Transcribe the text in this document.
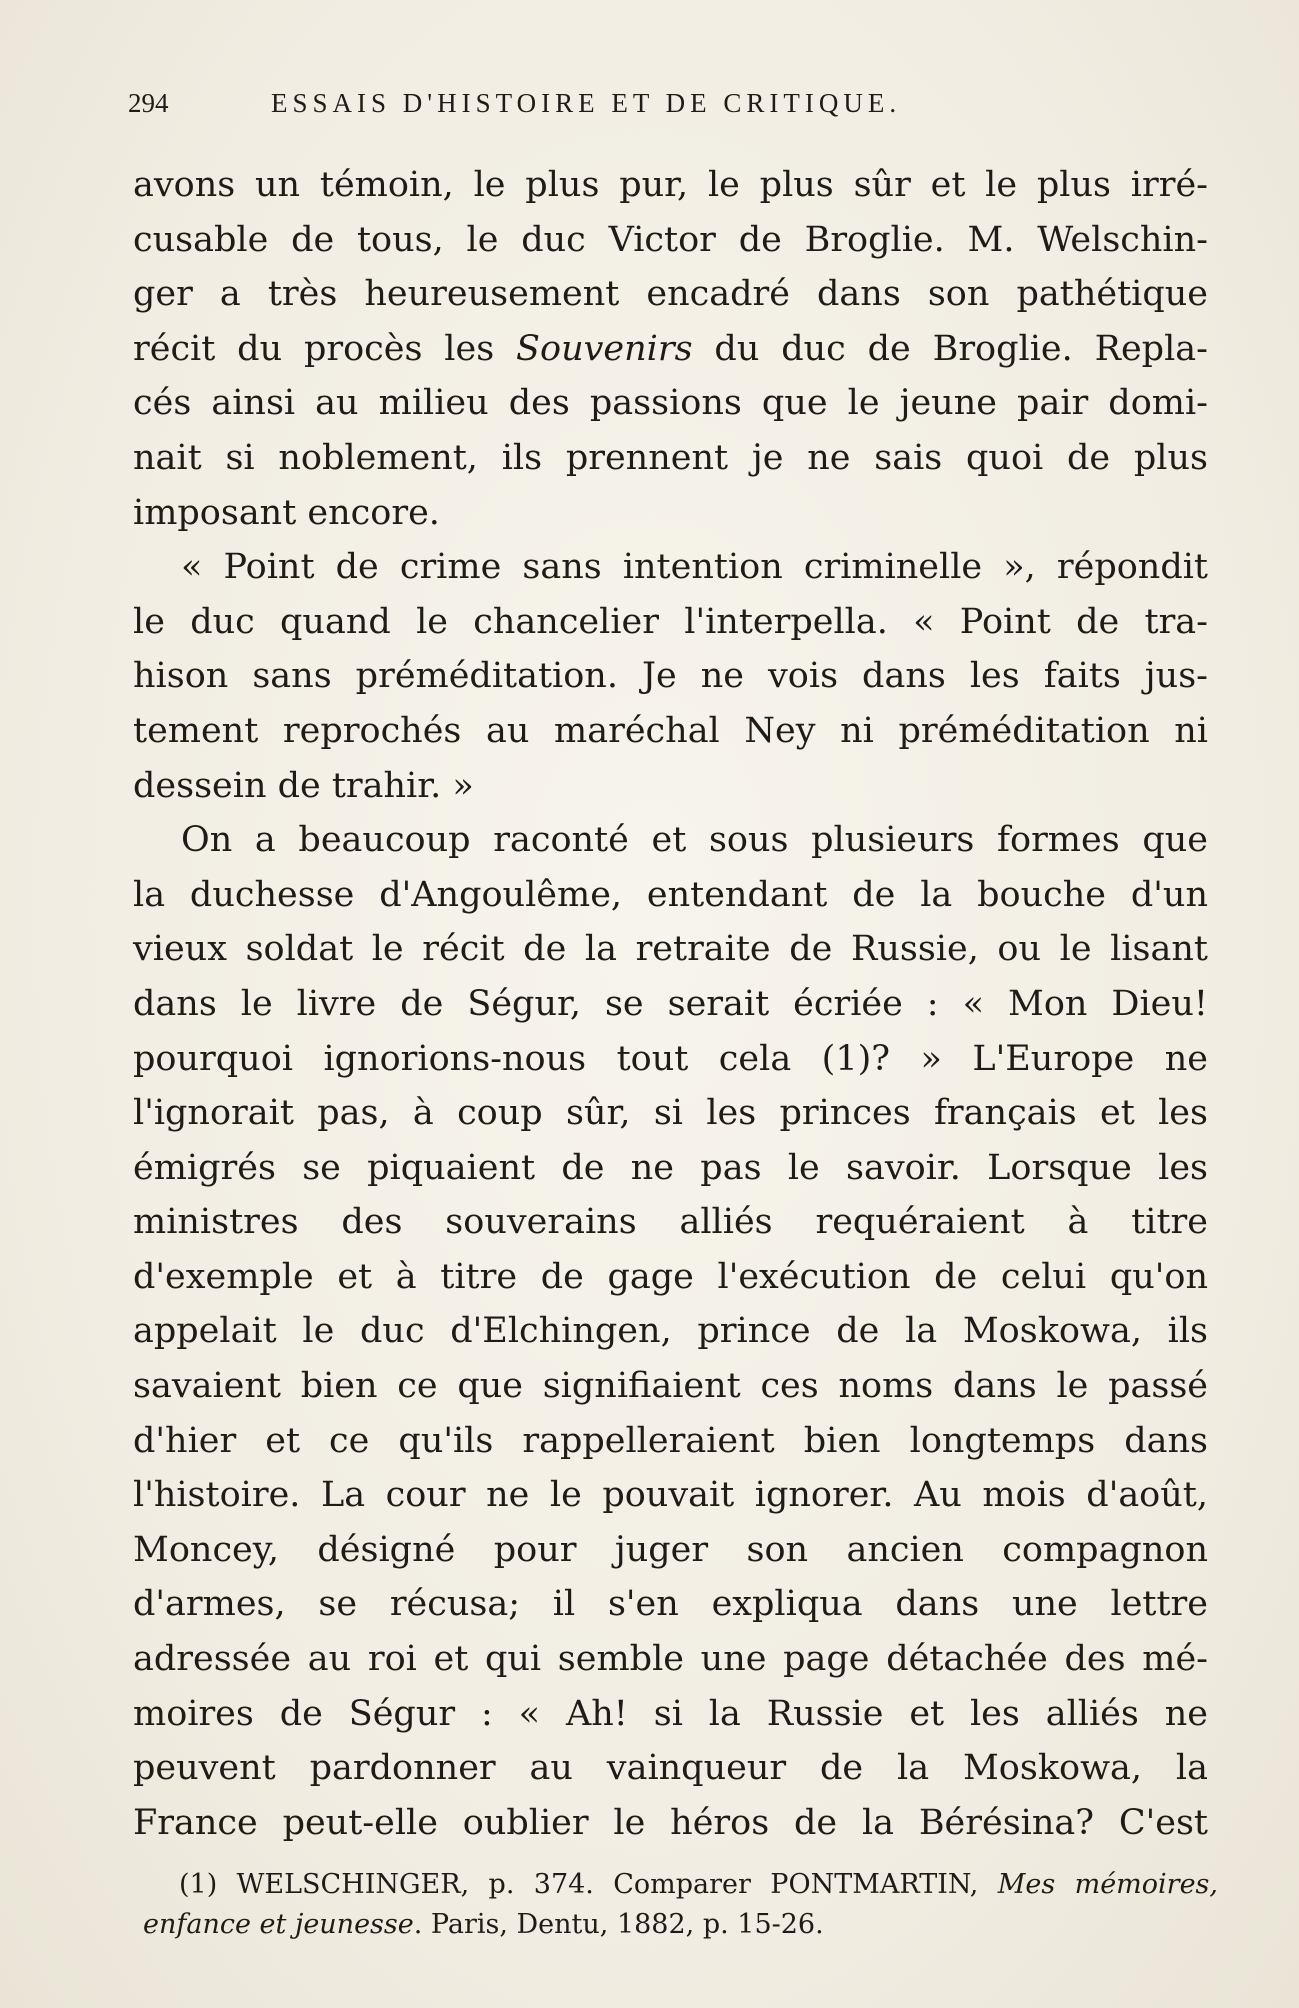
294	ESSAIS D'HISTOIRE ET DE CRITIQUE.
avons un témoin, le plus pur, le plus sûr et le plus irré-
cusable de tous, le duc Victor de Broglie. M. Welschin-
ger a très heureusement encadré dans son pathétique
récit du procès les Souvenirs du duc de Broglie. Repla-
cés ainsi au milieu des passions que le jeune pair domi-
nait si noblement, ils prennent je ne sais quoi de plus
imposant encore.
« Point de crime sans intention criminelle », répondit
le duc quand le chancelier l'interpella. « Point de tra-
hison sans préméditation. Je ne vois dans les faits jus-
tement reprochés au maréchal Ney ni préméditation ni
dessein de trahir. »
On a beaucoup raconté et sous plusieurs formes que
la duchesse d'Angoulême, entendant de la bouche d'un
vieux soldat le récit de la retraite de Russie, ou le lisant
dans le livre de Ségur, se serait écriée : « Mon Dieu!
pourquoi ignorions-nous tout cela (1)? » L'Europe ne
l'ignorait pas, à coup sûr, si les princes français et les
émigrés se piquaient de ne pas le savoir. Lorsque les
ministres des souverains alliés requéraient à titre
d'exemple et à titre de gage l'exécution de celui qu'on
appelait le duc d'Elchingen, prince de la Moskowa, ils
savaient bien ce que signifiaient ces noms dans le passé
d'hier et ce qu'ils rappelleraient bien longtemps dans
l'histoire. La cour ne le pouvait ignorer. Au mois d'août,
Moncey, désigné pour juger son ancien compagnon
d'armes, se récusa; il s'en expliqua dans une lettre
adressée au roi et qui semble une page détachée des mé-
moires de Ségur : « Ah! si la Russie et les alliés ne
peuvent pardonner au vainqueur de la Moskowa, la
France peut-elle oublier le héros de la Bérésina? C'est
(1) WELSCHINGER, p. 374. Comparer PONTMARTIN, Mes mémoires,
enfance et jeunesse. Paris, Dentu, 1882, p. 15-26.
